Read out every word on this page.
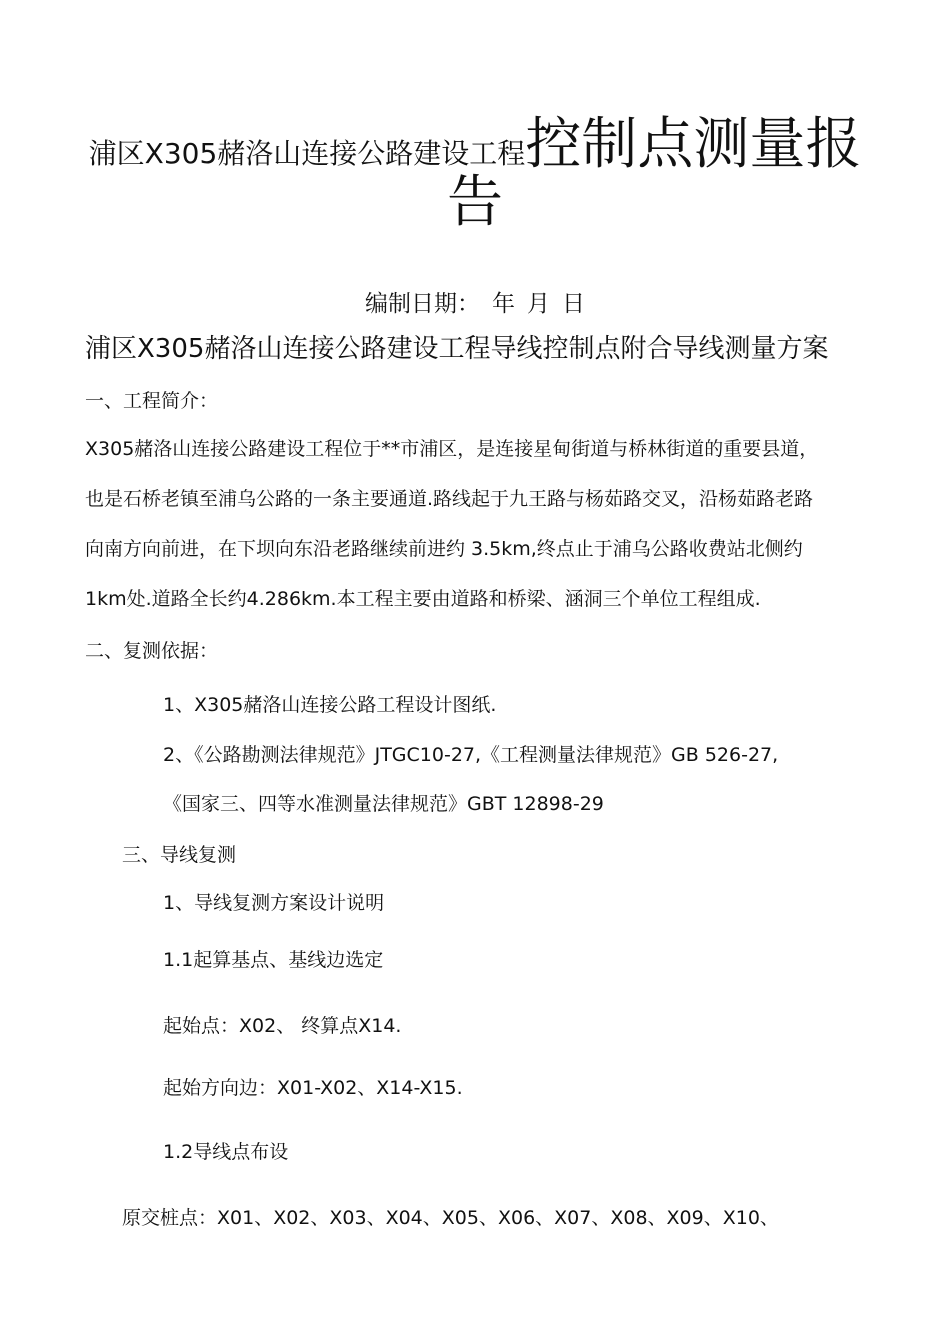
浦区X305赭洛山连接公路建设工程控制点测量报
告
编制日期： 年 月 日
浦区X305赭洛山连接公路建设工程导线控制点附合导线测量方案
一、工程简介：
X305赭洛山连接公路建设工程位于**市浦区，是连接星甸街道与桥林街道的重要县道，
也是石桥老镇至浦乌公路的一条主要通道.路线起于九王路与杨茹路交叉，沿杨茹路老路
向南方向前进，在下坝向东沿老路继续前进约 3.5km,终点止于浦乌公路收费站北侧约
1km处.道路全长约4.286km.本工程主要由道路和桥梁、涵洞三个单位工程组成.
二、复测依据：
1、X305赭洛山连接公路工程设计图纸.
2、《公路勘测法律规范》JTGC10-27,《工程测量法律规范》GB 526-27,
《国家三、四等水准测量法律规范》GBT 12898-29
三、导线复测
1、导线复测方案设计说明
1.1起算基点、基线边选定
起始点：X02、 终算点X14.
起始方向边：X01-X02、X14-X15.
1.2导线点布设
原交桩点：X01、X02、X03、X04、X05、X06、X07、X08、X09、X10、
